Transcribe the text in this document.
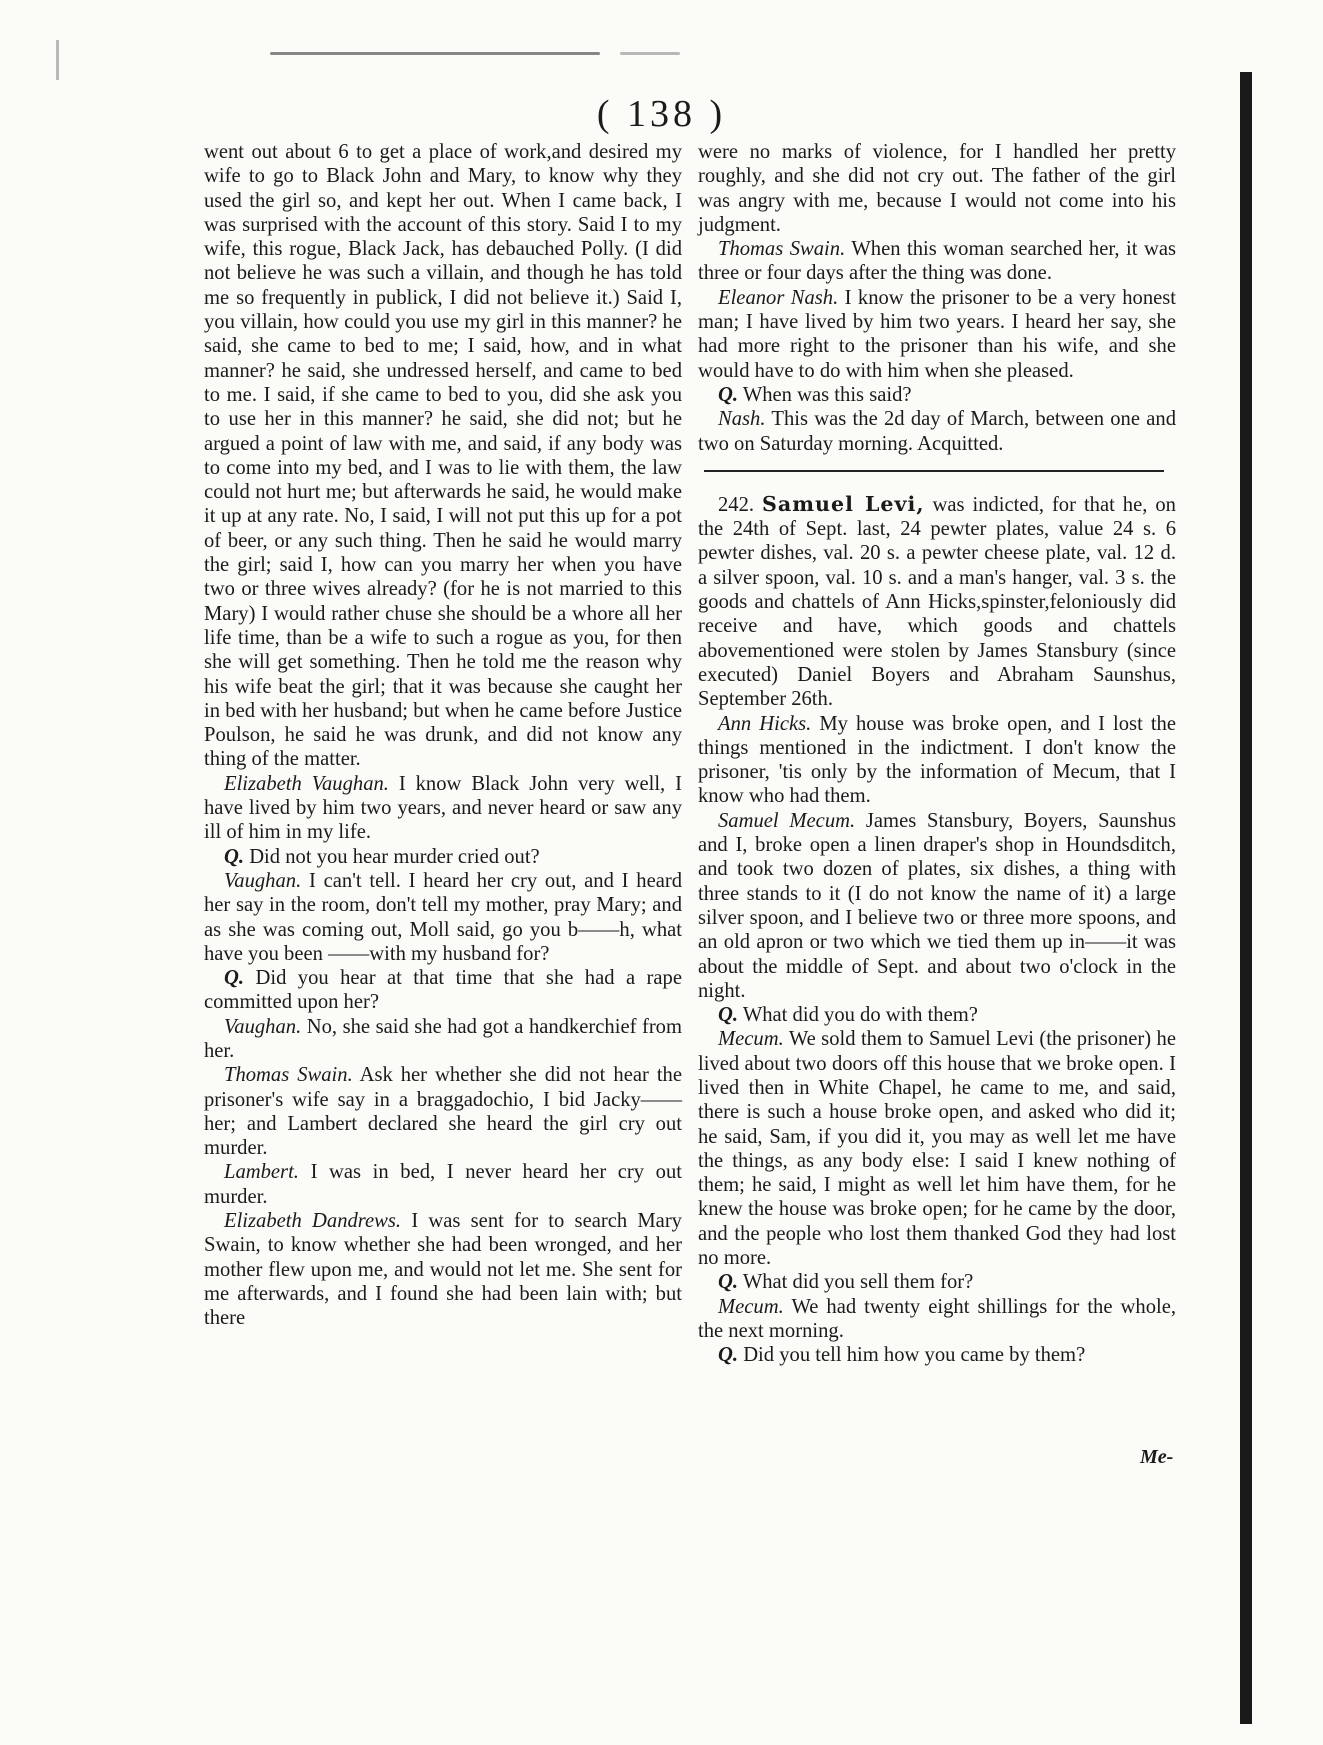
( 138 )

went out about 6 to get a place of work,and desired my wife to go to Black John and Mary, to know why they used the girl so, and kept her out. When I came back, I was surprised with the account of this story. Said I to my wife, this rogue, Black Jack, has debauched Polly. (I did not believe he was such a villain, and though he has told me so frequently in publick, I did not believe it.) Said I, you villain, how could you use my girl in this manner? he said, she came to bed to me; I said, how, and in what manner? he said, she undressed herself, and came to bed to me. I said, if she came to bed to you, did she ask you to use her in this manner? he said, she did not; but he argued a point of law with me, and said, if any body was to come into my bed, and I was to lie with them, the law could not hurt me; but afterwards he said, he would make it up at any rate. No, I said, I will not put this up for a pot of beer, or any such thing. Then he said he would marry the girl; said I, how can you marry her when you have two or three wives already? (for he is not married to this Mary) I would rather chuse she should be a whore all her life time, than be a wife to such a rogue as you, for then she will get something. Then he told me the reason why his wife beat the girl; that it was because she caught her in bed with her husband; but when he came before Justice Poulson, he said he was drunk, and did not know any thing of the matter.

Elizabeth Vaughan. I know Black John very well, I have lived by him two years, and never heard or saw any ill of him in my life.

Q. Did not you hear murder cried out?

Vaughan. I can't tell. I heard her cry out, and I heard her say in the room, don't tell my mother, pray Mary; and as she was coming out, Moll said, go you b——h, what have you been ——with my husband for?

Q. Did you hear at that time that she had a rape committed upon her?

Vaughan. No, she said she had got a handkerchief from her.

Thomas Swain. Ask her whether she did not hear the prisoner's wife say in a braggadochio, I bid Jacky——her; and Lambert declared she heard the girl cry out murder.

Lambert. I was in bed, I never heard her cry out murder.

Elizabeth Dandrews. I was sent for to search Mary Swain, to know whether she had been wronged, and her mother flew upon me, and would not let me. She sent for me afterwards, and I found she had been lain with; but there

were no marks of violence, for I handled her pretty roughly, and she did not cry out. The father of the girl was angry with me, because I would not come into his judgment.

Thomas Swain. When this woman searched her, it was three or four days after the thing was done.

Eleanor Nash. I know the prisoner to be a very honest man; I have lived by him two years. I heard her say, she had more right to the prisoner than his wife, and she would have to do with him when she pleased.

Q. When was this said?

Nash. This was the 2d day of March, between one and two on Saturday morning. Acquitted.

242. Samuel Levi, was indicted, for that he, on the 24th of Sept. last, 24 pewter plates, value 24 s. 6 pewter dishes, val. 20 s. a pewter cheese plate, val. 12 d. a silver spoon, val. 10 s. and a man's hanger, val. 3 s. the goods and chattels of Ann Hicks,spinster,feloniously did receive and have, which goods and chattels abovementioned were stolen by James Stansbury (since executed) Daniel Boyers and Abraham Saunshus, September 26th.

Ann Hicks. My house was broke open, and I lost the things mentioned in the indictment. I don't know the prisoner, 'tis only by the information of Mecum, that I know who had them.

Samuel Mecum. James Stansbury, Boyers, Saunshus and I, broke open a linen draper's shop in Houndsditch, and took two dozen of plates, six dishes, a thing with three stands to it (I do not know the name of it) a large silver spoon, and I believe two or three more spoons, and an old apron or two which we tied them up in——it was about the middle of Sept. and about two o'clock in the night.

Q. What did you do with them?

Mecum. We sold them to Samuel Levi (the prisoner) he lived about two doors off this house that we broke open. I lived then in White Chapel, he came to me, and said, there is such a house broke open, and asked who did it; he said, Sam, if you did it, you may as well let me have the things, as any body else: I said I knew nothing of them; he said, I might as well let him have them, for he knew the house was broke open; for he came by the door, and the people who lost them thanked God they had lost no more.

Q. What did you sell them for?

Mecum. We had twenty eight shillings for the whole, the next morning.

Q. Did you tell him how you came by them?

Me-
